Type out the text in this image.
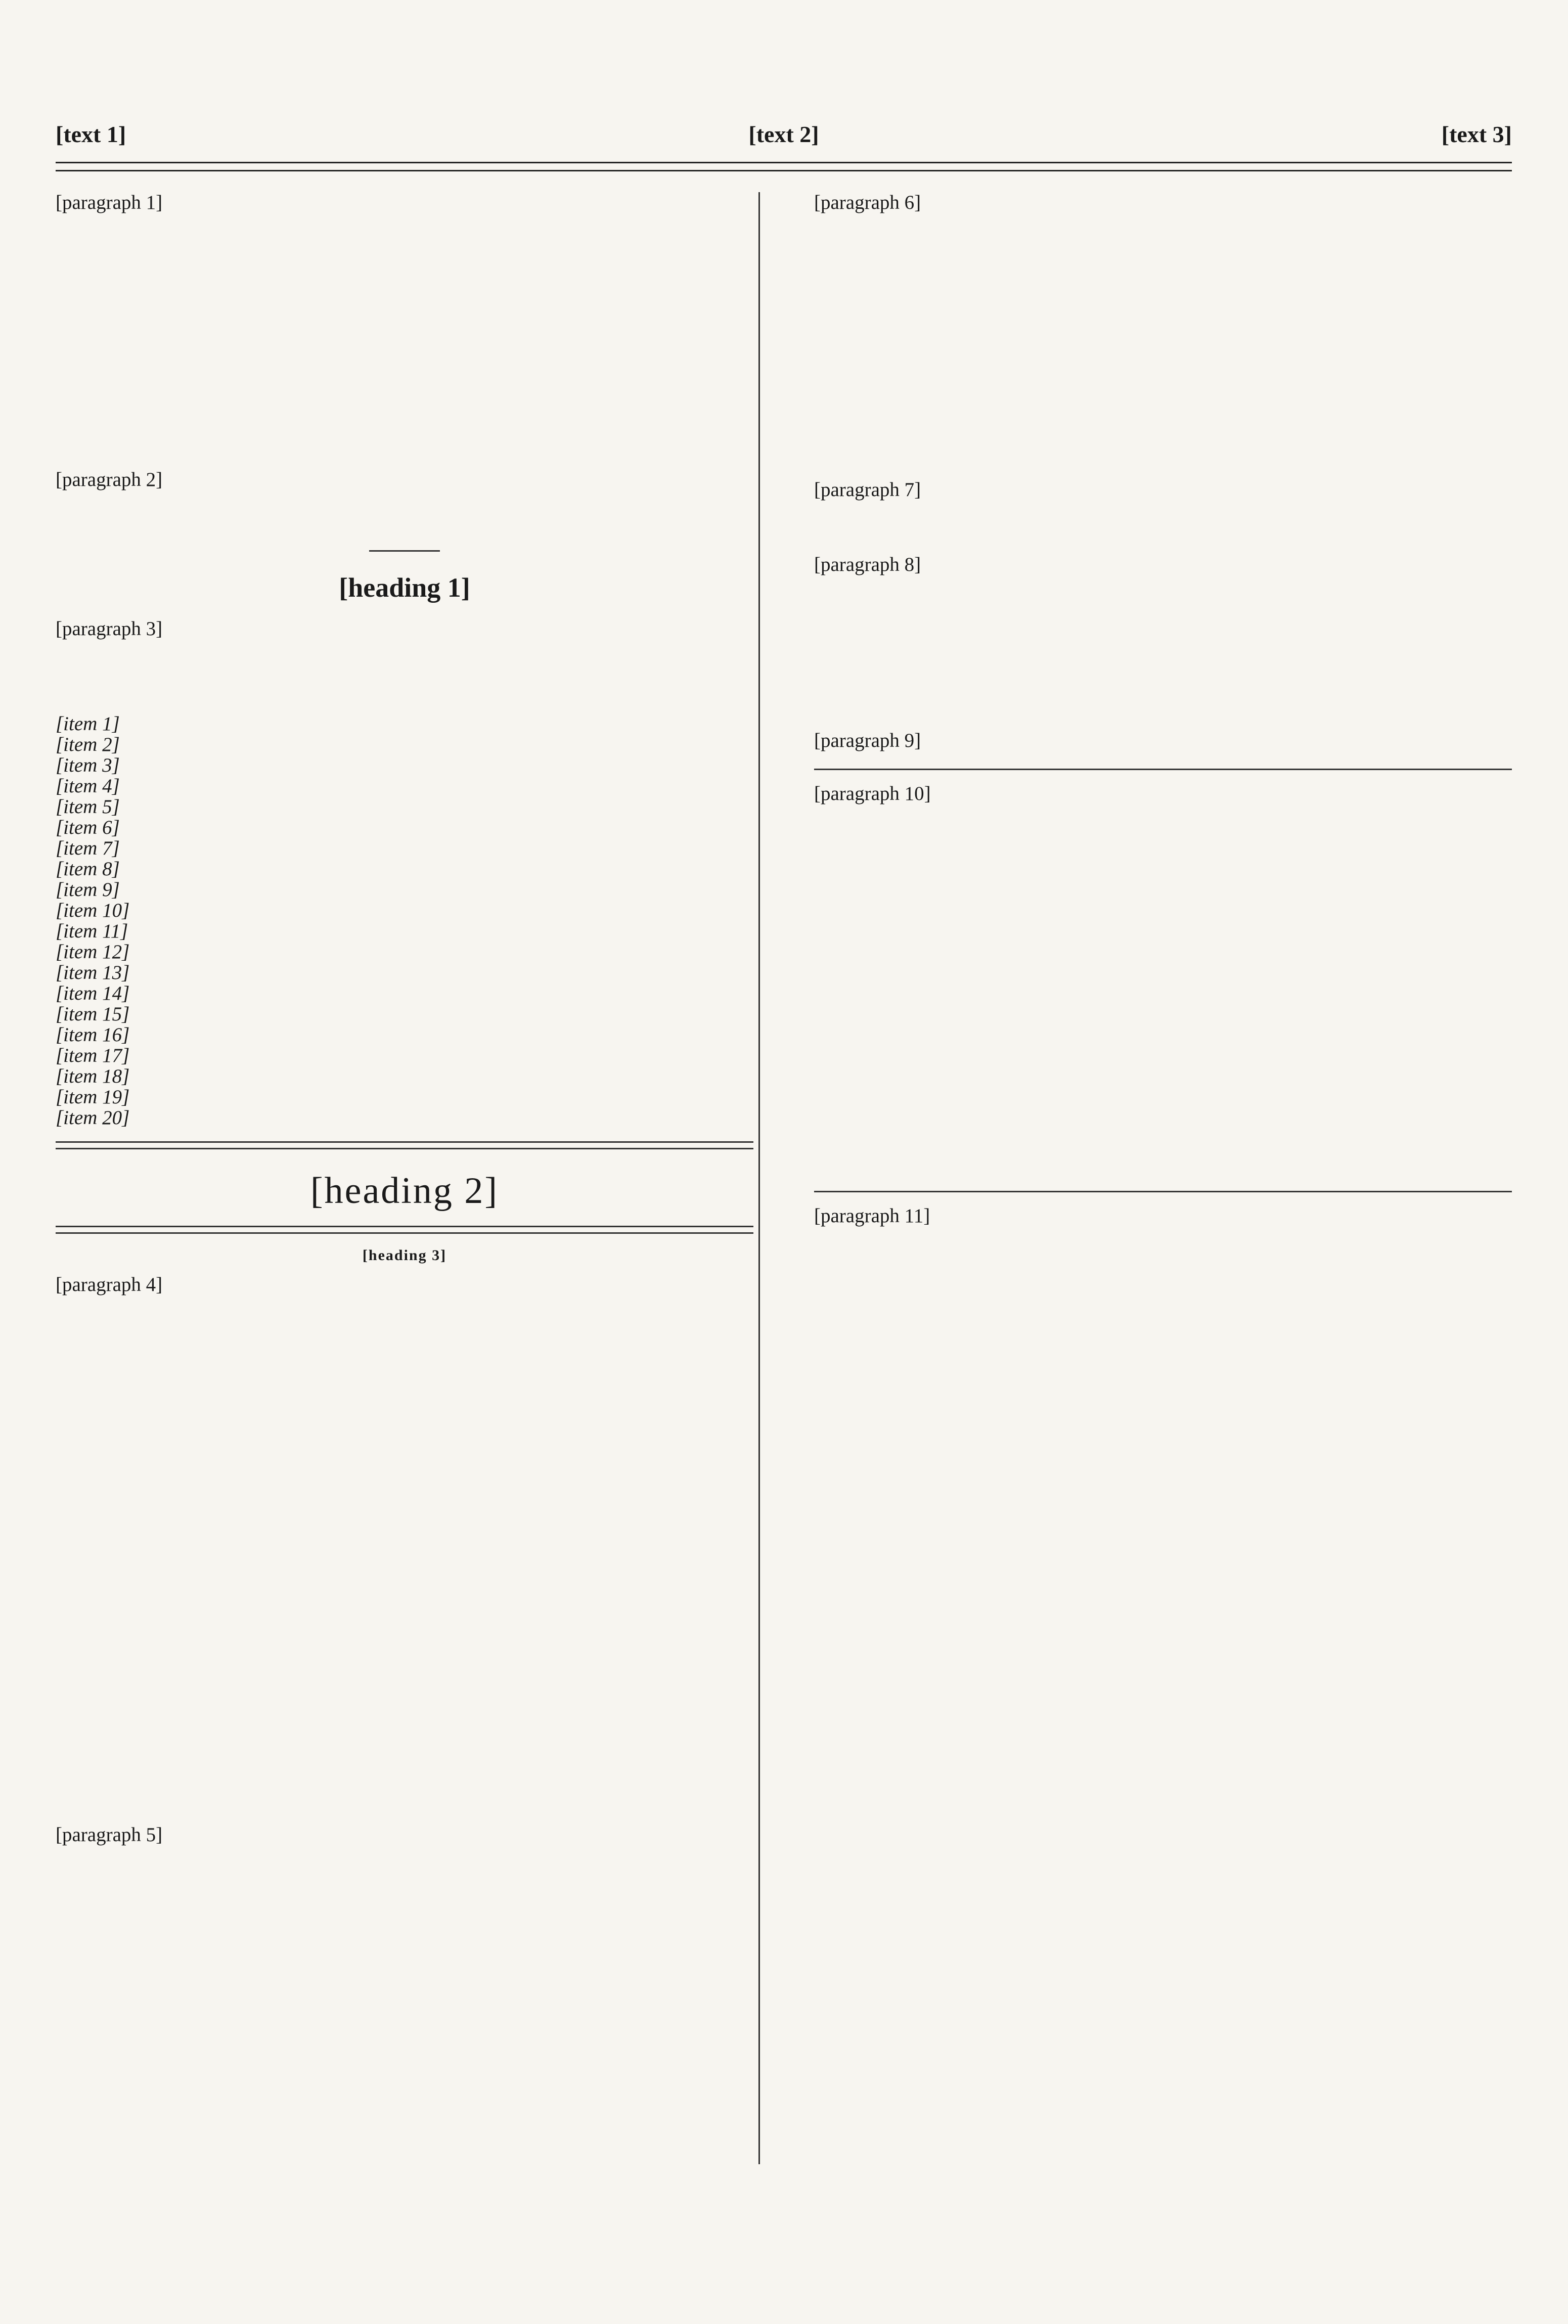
[text 1]	[text 2]	[text 3]

[paragraph 1]

[paragraph 2]

[heading 1]

[paragraph 3]

[item 1]

[item 2]

[item 3]

[item 4]

[item 5]

[item 6]

[item 7]

[item 8]

[item 9]

[item 10]

[item 11]

[item 12]

[item 13]

[item 14]

[item 15]

[item 16]

[item 17]

[item 18]

[item 19]

[item 20]

[heading 2]
[heading 3]

[paragraph 4]

[paragraph 5]

[paragraph 6]

[paragraph 7]

[paragraph 8]

[paragraph 9]

[paragraph 10]

[paragraph 11]
